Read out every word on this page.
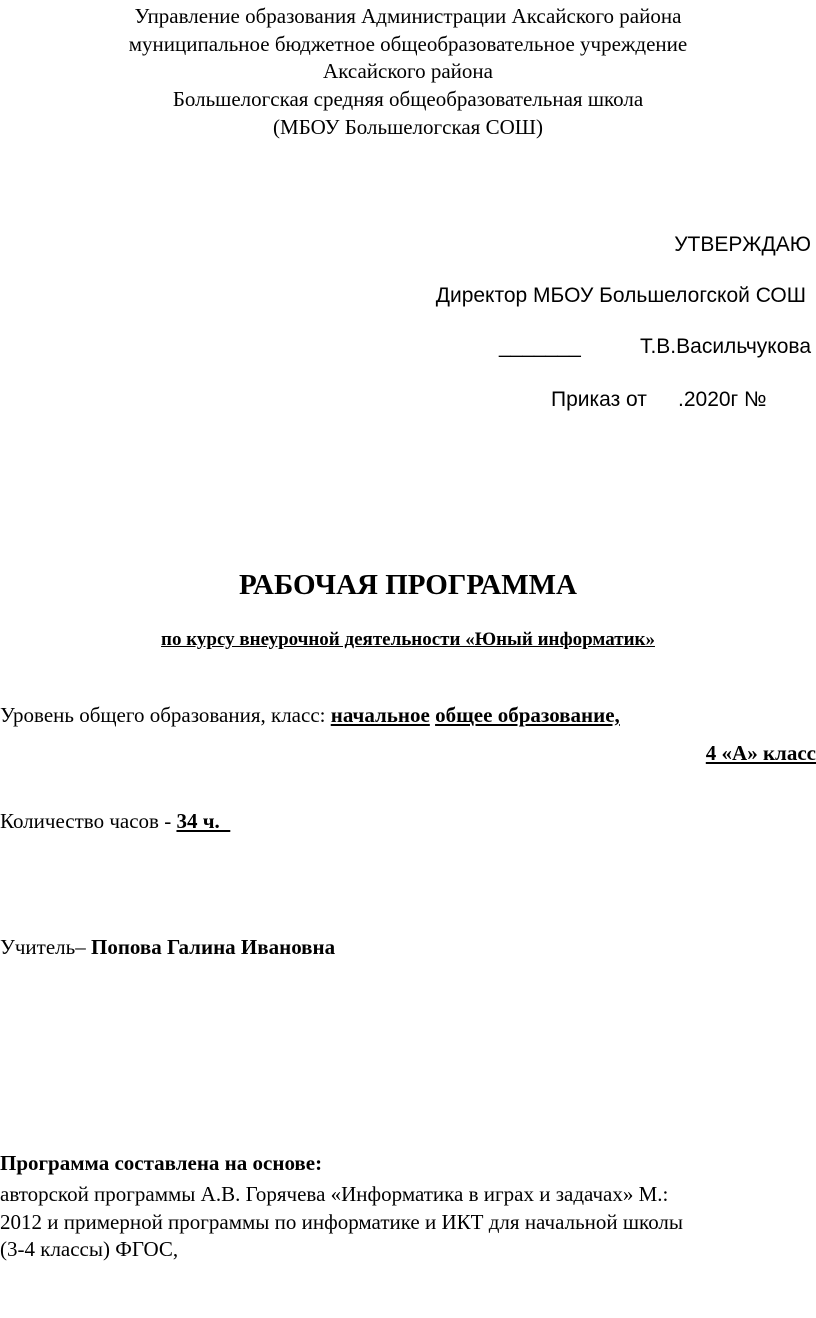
Управление образования Администрации Аксайского района
муниципальное бюджетное общеобразовательное учреждение
Аксайского района
Большелогская средняя общеобразовательная школа
(МБОУ Большелогская СОШ)
УТВЕРЖДАЮ
Директор МБОУ Большелогской СОШ
_______	Т.В.Васильчукова
Приказ от .2020г №
РАБОЧАЯ ПРОГРАММА
по курсу внеурочной деятельности «Юный информатик»
Уровень общего образования, класс: начальное общее образование,
4 «А» класс
Количество часов - 34 ч.
Учитель– Попова Галина Ивановна
Программа составлена на основе:
авторской программы А.В. Горячева «Информатика в играх и задачах» М.:
2012 и примерной программы по информатике и ИКТ для начальной школы
(3-4 классы) ФГОС,
